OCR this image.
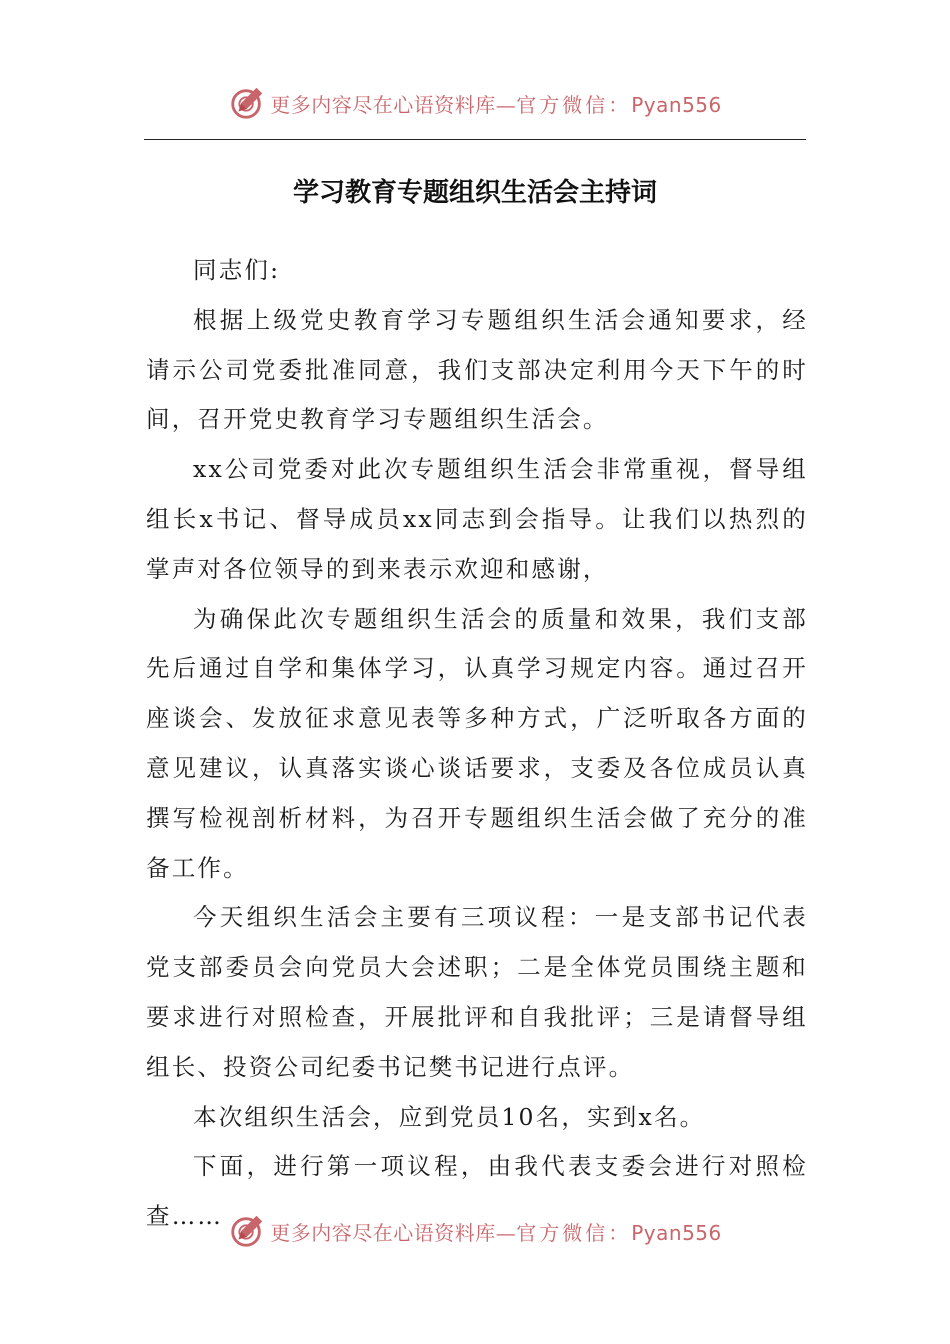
更多内容尽在心语资料库—官方微信：Pyan556
学习教育专题组织生活会主持词

同志们:

根据上级党史教育学习专题组织生活会通知要求，经请示公司党委批准同意，我们支部决定利用今天下午的时间，召开党史教育学习专题组织生活会。

xx公司党委对此次专题组织生活会非常重视，督导组组长x书记、督导成员xx同志到会指导。让我们以热烈的掌声对各位领导的到来表示欢迎和感谢，

为确保此次专题组织生活会的质量和效果，我们支部先后通过自学和集体学习，认真学习规定内容。通过召开座谈会、发放征求意见表等多种方式，广泛听取各方面的意见建议，认真落实谈心谈话要求，支委及各位成员认真撰写检视剖析材料，为召开专题组织生活会做了充分的准备工作。

今天组织生活会主要有三项议程：一是支部书记代表党支部委员会向党员大会述职；二是全体党员围绕主题和要求进行对照检查，开展批评和自我批评；三是请督导组组长、投资公司纪委书记樊书记进行点评。

本次组织生活会，应到党员10名，实到x名。

下面，进行第一项议程，由我代表支委会进行对照检查……

更多内容尽在心语资料库—官方微信：Pyan556
